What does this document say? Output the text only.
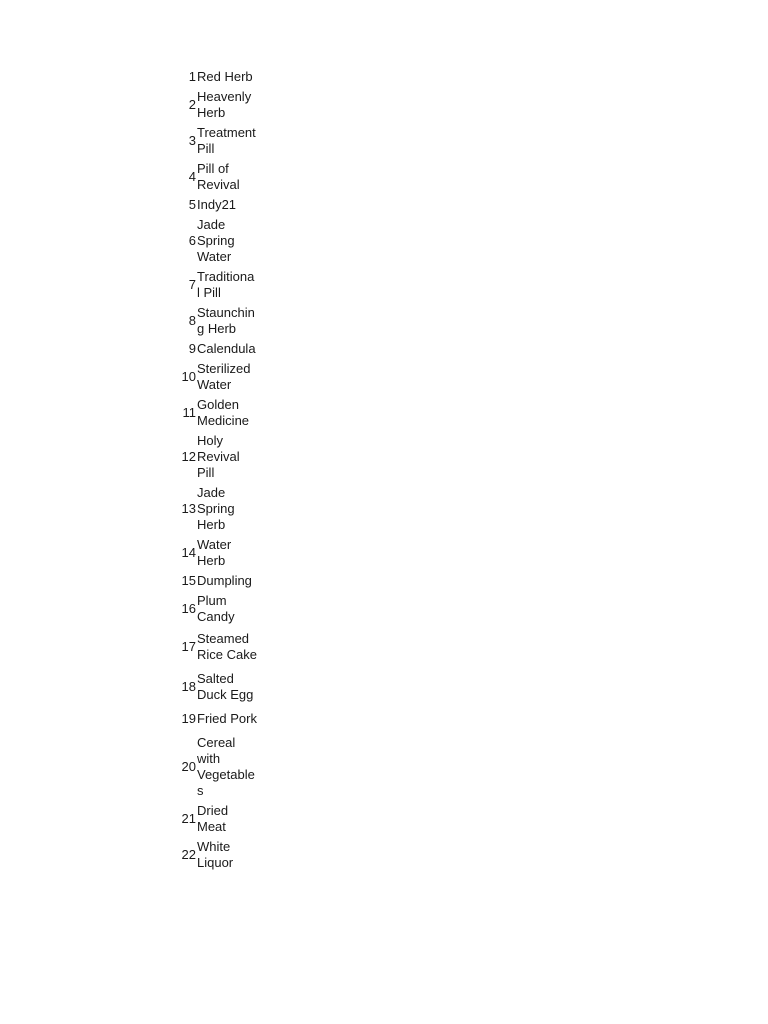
1 Red Herb
2
Heavenly
Herb
3
Treatment
Pill
4
Pill of
Revival
5 Indy21
6
Jade
Spring
Water
7
Traditiona
l Pill
8
Staunchin
g Herb
9 Calendula
10
Sterilized
Water
11
Golden
Medicine
12
Holy
Revival
Pill
13
Jade
Spring
Herb
14
Water
Herb
15 Dumpling
16
Plum
Candy
17
Steamed
Rice Cake
18
Salted
Duck Egg
19 Fried Pork
20
Cereal
with
Vegetable
s
21
Dried
Meat
22
White
Liquor
